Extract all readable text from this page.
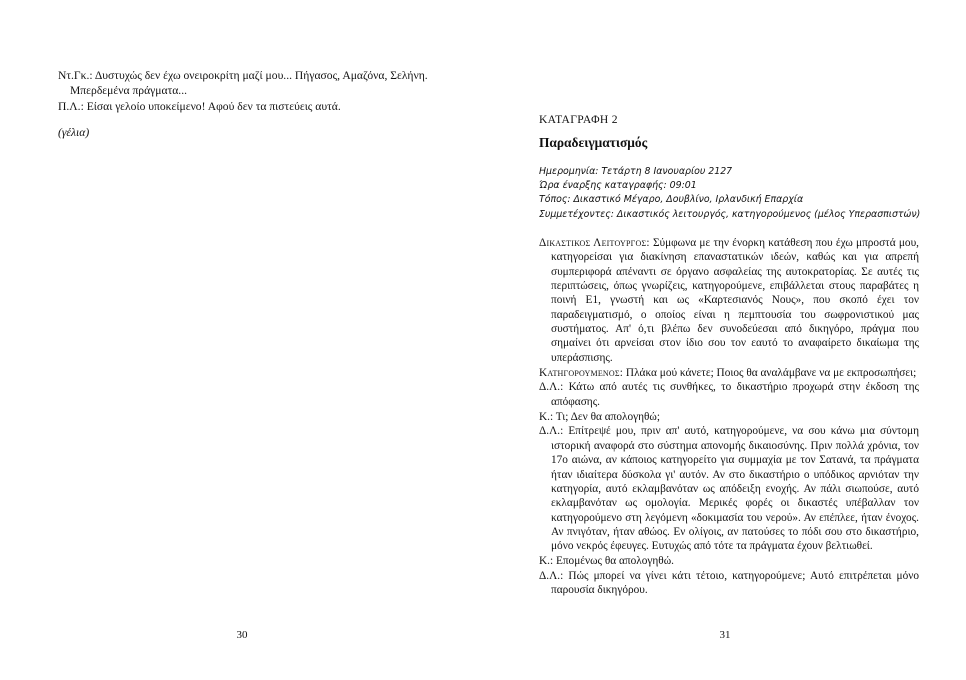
Ντ.Γκ.: Δυστυχώς δεν έχω ονειροκρίτη μαζί μου... Πήγασος, Αμαζόνα, Σελήνη.

Μπερδεμένα πράγματα...

Π.Λ.: Είσαι γελοίο υποκείμενο! Αφού δεν τα πιστεύεις αυτά.

(γέλια)
30
ΚΑΤΑΓΡΑΦΗ 2
Παραδειγματισμός
Ημερομηνία: Τετάρτη 8 Ιανουαρίου 2127
Ώρα έναρξης καταγραφής: 09:01
Τόπος: Δικαστικό Μέγαρο, Δουβλίνο, Ιρλανδική Επαρχία
Συμμετέχοντες: Δικαστικός λειτουργός, κατηγορούμενος (μέλος Υπερασπιστών)

Δικαστικος Λειτουργος: Σύμφωνα με την ένορκη κατάθεση που έχω μπροστά μου, κατηγορείσαι για διακίνηση επαναστατικών ιδεών, καθώς και για απρεπή συμπεριφορά απέναντι σε όργανο ασφαλείας της αυτοκρατορίας. Σε αυτές τις περιπτώσεις, όπως γνωρίζεις, κατηγορούμενε, επιβάλλεται στους παραβάτες η ποινή Ε1, γνωστή και ως «Καρτεσιανός Νους», που σκοπό έχει τον παραδειγματισμό, ο οποίος είναι η πεμπτουσία του σωφρονιστικού μας συστήματος. Απ' ό,τι βλέπω δεν συνοδεύεσαι από δικηγόρο, πράγμα που σημαίνει ότι αρνείσαι στον ίδιο σου τον εαυτό το αναφαίρετο δικαίωμα της υπεράσπισης.

Κατηγορουμενος: Πλάκα μού κάνετε; Ποιος θα αναλάμβανε να με εκπροσωπήσει;

Δ.Λ.: Κάτω από αυτές τις συνθήκες, το δικαστήριο προχωρά στην έκδοση της απόφασης.

Κ.: Τι; Δεν θα απολογηθώ;

Δ.Λ.: Επίτρεψέ μου, πριν απ' αυτό, κατηγορούμενε, να σου κάνω μια σύντομη ιστορική αναφορά στο σύστημα απονομής δικαιοσύνης. Πριν πολλά χρόνια, τον 17ο αιώνα, αν κάποιος κατηγορείτο για συμμαχία με τον Σατανά, τα πράγματα ήταν ιδιαίτερα δύσκολα γι' αυτόν. Αν στο δικαστήριο ο υπόδικος αρνιόταν την κατηγορία, αυτό εκλαμβανόταν ως απόδειξη ενοχής. Αν πάλι σιωπούσε, αυτό εκλαμβανόταν ως ομολογία. Μερικές φορές οι δικαστές υπέβαλλαν τον κατηγορούμενο στη λεγόμενη «δοκιμασία του νερού». Αν επέπλεε, ήταν ένοχος. Αν πνιγόταν, ήταν αθώος. Εν ολίγοις, αν πατούσες το πόδι σου στο δικαστήριο, μόνο νεκρός έφευγες. Ευτυχώς από τότε τα πράγματα έχουν βελτιωθεί.

Κ.: Επομένως θα απολογηθώ.

Δ.Λ.: Πώς μπορεί να γίνει κάτι τέτοιο, κατηγορούμενε; Αυτό επιτρέπεται μόνο παρουσία δικηγόρου.

31
